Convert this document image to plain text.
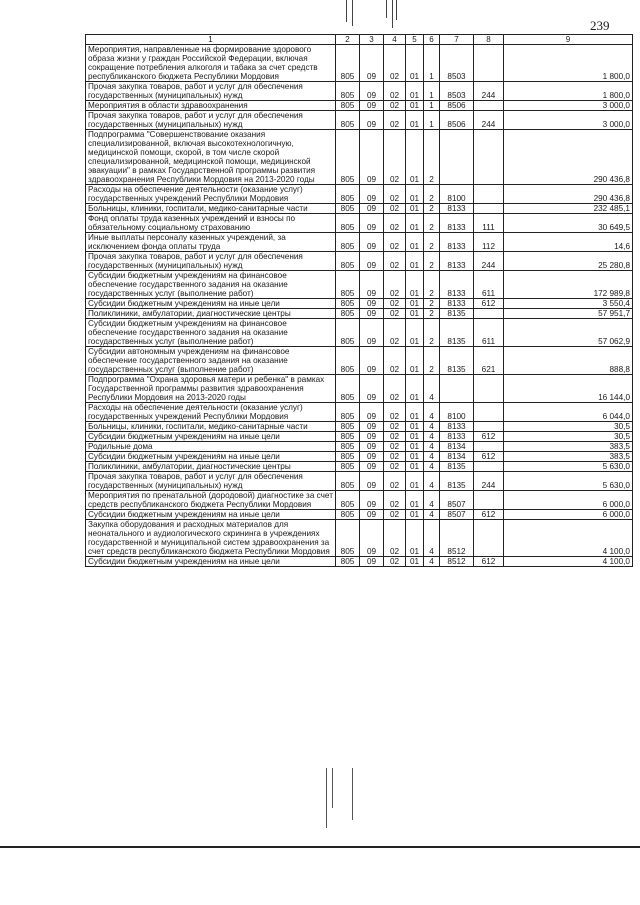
239
1	2	3	4	5	6	7	8	9
Мероприятия, направленные на формирование здорового образа жизни у граждан Российской Федерации, включая сокращение потребления алкоголя и табака за счет средств республиканского бюджета Республики Мордовия	805	09	02	01	1	8503		1 800,0
Прочая закупка товаров, работ и услуг для обеспечения государственных (муниципальных) нужд	805	09	02	01	1	8503	244	1 800,0
Мероприятия в области здравоохранения	805	09	02	01	1	8506		3 000,0
Прочая закупка товаров, работ и услуг для обеспечения государственных (муниципальных) нужд	805	09	02	01	1	8506	244	3 000,0
Подпрограмма "Совершенствование оказания специализированной, включая высокотехнологичную, медицинской помощи, скорой, в том числе скорой специализированной, медицинской помощи, медицинской эвакуации" в рамках Государственной программы развития здравоохранения Республики Мордовия на 2013-2020 годы	805	09	02	01	2			290 436,8
Расходы на обеспечение деятельности (оказание услуг) государственных учреждений Республики Мордовия	805	09	02	01	2	8100		290 436,8
Больницы, клиники, госпитали, медико-санитарные части	805	09	02	01	2	8133		232 485,1
Фонд оплаты труда казенных учреждений и взносы по обязательному социальному страхованию	805	09	02	01	2	8133	111	30 649,5
Иные выплаты персоналу казенных учреждений, за исключением фонда оплаты труда	805	09	02	01	2	8133	112	14,6
Прочая закупка товаров, работ и услуг для обеспечения государственных (муниципальных) нужд	805	09	02	01	2	8133	244	25 280,8
Субсидии бюджетным учреждениям на финансовое обеспечение государственного задания на оказание государственных услуг (выполнение работ)	805	09	02	01	2	8133	611	172 989,8
Субсидии бюджетным учреждениям на иные цели	805	09	02	01	2	8133	612	3 550,4
Поликлиники, амбулатории, диагностические центры	805	09	02	01	2	8135		57 951,7
Субсидии бюджетным учреждениям на финансовое обеспечение государственного задания на оказание государственных услуг (выполнение работ)	805	09	02	01	2	8135	611	57 062,9
Субсидии автономным учреждениям на финансовое обеспечение государственного задания на оказание государственных услуг (выполнение работ)	805	09	02	01	2	8135	621	888,8
Подпрограмма "Охрана здоровья матери и ребенка" в рамках Государственной программы развития здравоохранения Республики Мордовия на 2013-2020 годы	805	09	02	01	4			16 144,0
Расходы на обеспечение деятельности (оказание услуг) государственных учреждений Республики Мордовия	805	09	02	01	4	8100		6 044,0
Больницы, клиники, госпитали, медико-санитарные части	805	09	02	01	4	8133		30,5
Субсидии бюджетным учреждениям на иные цели	805	09	02	01	4	8133	612	30,5
Родильные дома	805	09	02	01	4	8134		383,5
Субсидии бюджетным учреждениям на иные цели	805	09	02	01	4	8134	612	383,5
Поликлиники, амбулатории, диагностические центры	805	09	02	01	4	8135		5 630,0
Прочая закупка товаров, работ и услуг для обеспечения государственных (муниципальных) нужд	805	09	02	01	4	8135	244	5 630,0
Мероприятия по пренатальной (дородовой) диагностике за счет средств республиканского бюджета Республики Мордовия	805	09	02	01	4	8507		6 000,0
Субсидии бюджетным учреждениям на иные цели	805	09	02	01	4	8507	612	6 000,0
Закупка оборудования и расходных материалов для неонатального и аудиологического скрининга в учреждениях государственной и муниципальной систем здравоохранения за счет средств республиканского бюджета Республики Мордовия	805	09	02	01	4	8512		4 100,0
Субсидии бюджетным учреждениям на иные цели	805	09	02	01	4	8512	612	4 100,0
